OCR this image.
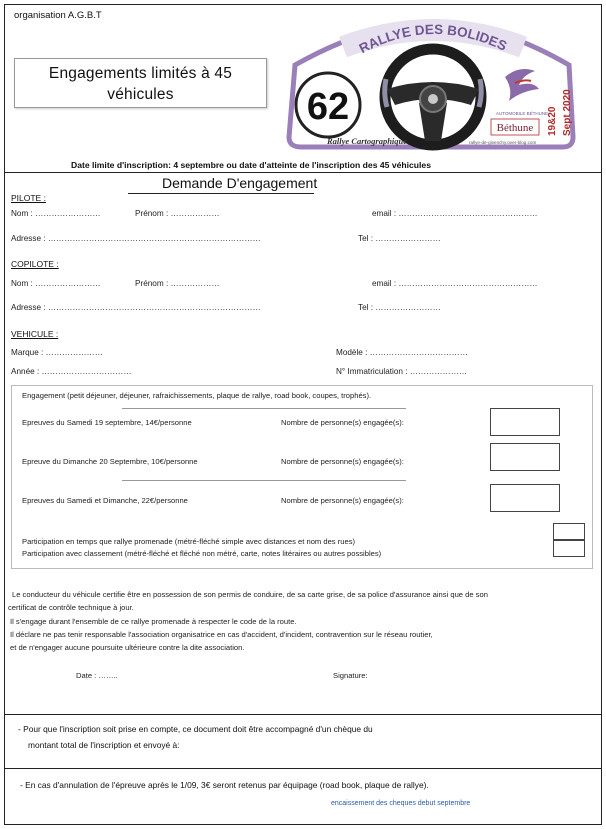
organisation A.G.B.T
Engagements limités à 45
véhicules
RALLYE DES BOLIDES
62	AUTOMOBILE BÉTHUNE
Béthune 19&20 Sept 2020
Rallye Cartographique	rallye-de-givenchy.over-blog.com
Date limite d'inscription: 4 septembre ou date d'atteinte de l'inscription des 45 véhicules
Demande D'engagement
PILOTE :
Nom : ……………………	Prénom : ………………	email : ……………………………………………
Adresse : ……………………………………………………………………	Tel : ……………………
COPILOTE :
Nom : ……………………	Prénom : ………………	email : ……………………………………………
Adresse : ……………………………………………………………………	Tel : ……………………
VEHICULE :
Marque : …………………	Modèle : ………………………………
Année : ……………………………	N° Immatriculation : …………………
Engagement (petit déjeuner, déjeuner, rafraichissements, plaque de rallye, road book, coupes, trophés).
Epreuves du Samedi 19 septembre, 14€/personne	Nombre de personne(s) engagée(s):
Epreuve du Dimanche 20 Septembre, 10€/personne	Nombre de personne(s) engagée(s):
Epreuves du Samedi et Dimanche, 22€/personne	Nombre de personne(s) engagée(s):
Participation en temps que rallye promenade (métré-fléché simple avec distances et nom des rues)
Participation avec classement (métré-fléché et fléché non métré, carte, notes litéraires ou autres possibles)
Le conducteur du véhicule certifie être en possession de son permis de conduire, de sa carte grise, de sa police d'assurance ainsi que de son
certificat de contrôle technique à jour.
Il s'engage durant l'ensemble de ce rallye promenade à respecter le code de la route.
Il déclare ne pas tenir responsable l'association organisatrice en cas d'accident, d'incident, contravention sur le réseau routier,
et de n'engager aucune poursuite ultérieure contre la dite association.
Date : ……..	Signature:
- Pour que l'inscription soit prise en compte, ce document doit être accompagné d'un chèque du
montant total de l'inscription et envoyé à:
- En cas d'annulation de l'épreuve après le 1/09, 3€ seront retenus par équipage (road book, plaque de rallye).
encaissement des cheques debut septembre
